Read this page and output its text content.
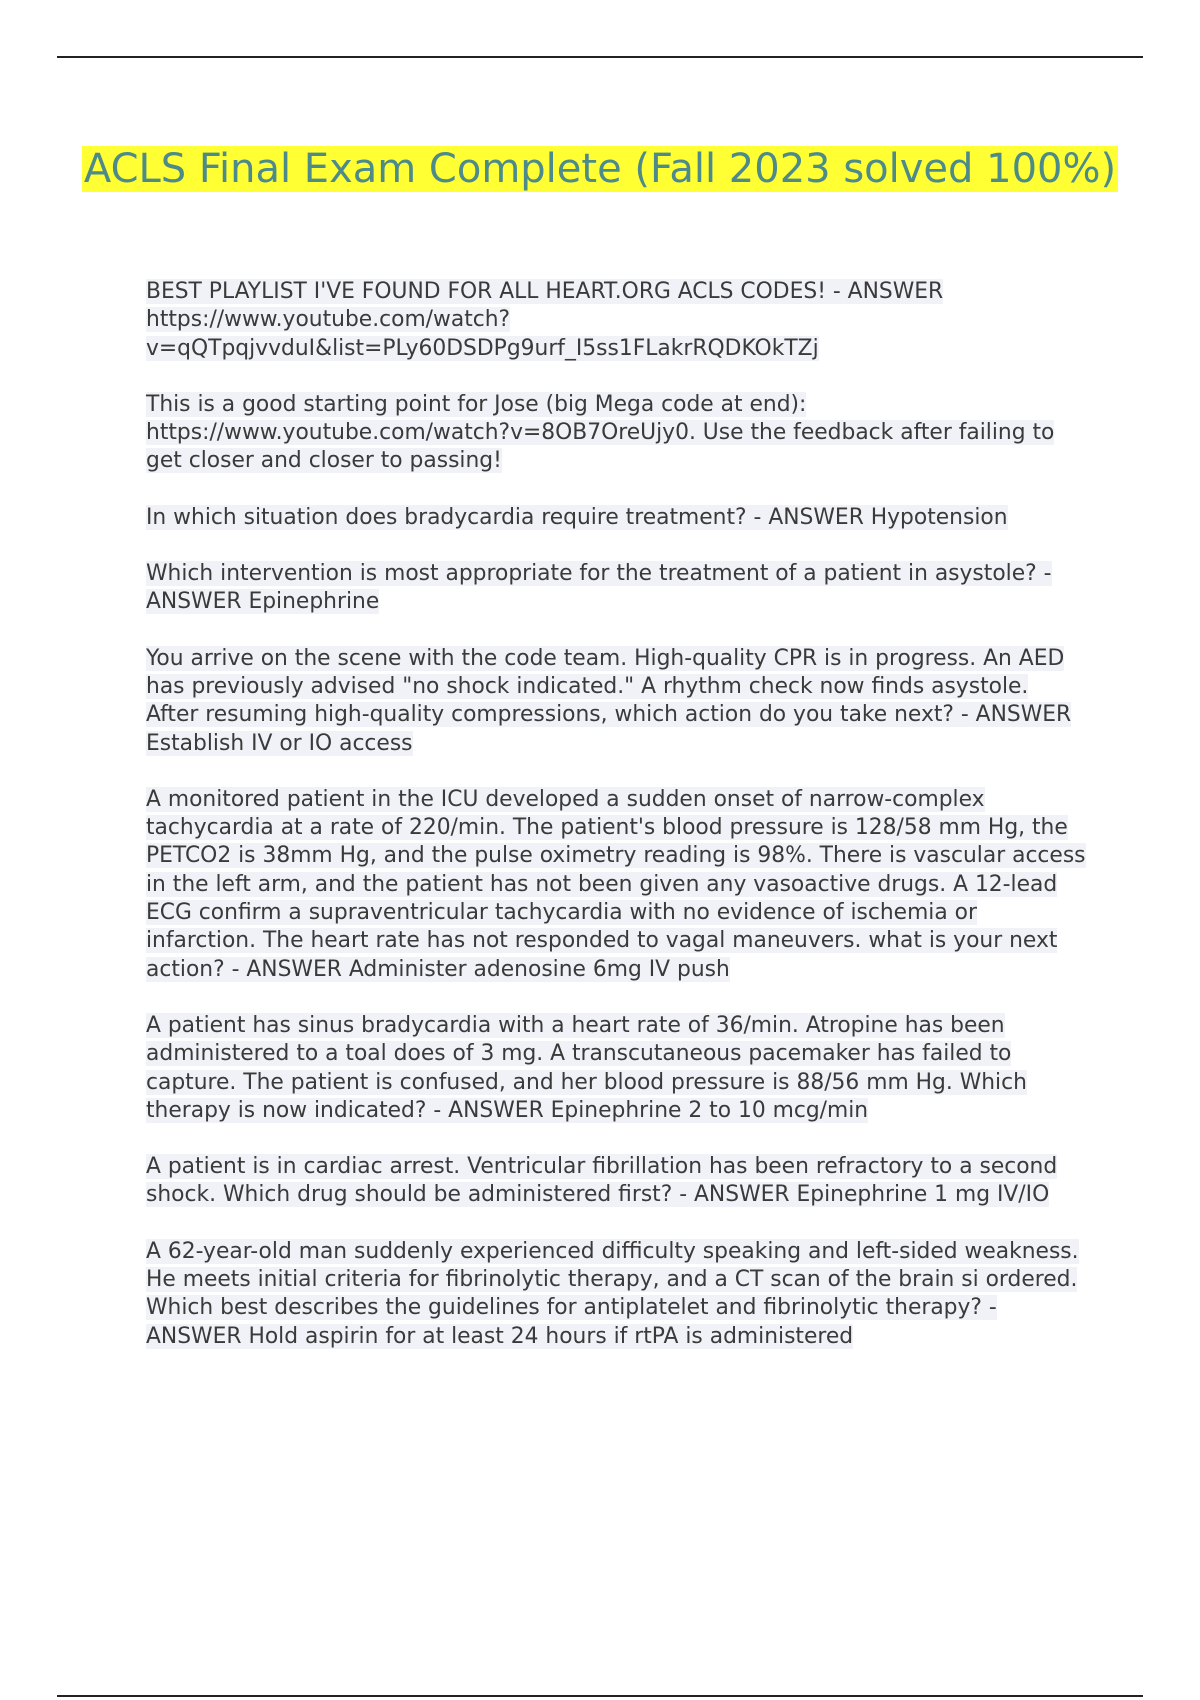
ACLS Final Exam Complete (Fall 2023 solved 100%)

BEST PLAYLIST I'VE FOUND FOR ALL HEART.ORG ACLS CODES! - ANSWER https://www.youtube.com/watch?v=qQTpqjvvduI&list=PLy60DSDPg9urf_I5ss1FLakrRQDKOkTZj

This is a good starting point for Jose (big Mega code at end): https://www.youtube.com/watch?v=8OB7OreUjy0. Use the feedback after failing to get closer and closer to passing!

In which situation does bradycardia require treatment? - ANSWER Hypotension

Which intervention is most appropriate for the treatment of a patient in asystole? - ANSWER Epinephrine

You arrive on the scene with the code team. High-quality CPR is in progress. An AED has previously advised "no shock indicated." A rhythm check now finds asystole. After resuming high-quality compressions, which action do you take next? - ANSWER Establish IV or IO access

A monitored patient in the ICU developed a sudden onset of narrow-complex tachycardia at a rate of 220/min. The patient's blood pressure is 128/58 mm Hg, the PETCO2 is 38mm Hg, and the pulse oximetry reading is 98%. There is vascular access in the left arm, and the patient has not been given any vasoactive drugs. A 12-lead ECG confirm a supraventricular tachycardia with no evidence of ischemia or infarction. The heart rate has not responded to vagal maneuvers. what is your next action? - ANSWER Administer adenosine 6mg IV push

A patient has sinus bradycardia with a heart rate of 36/min. Atropine has been administered to a toal does of 3 mg. A transcutaneous pacemaker has failed to capture. The patient is confused, and her blood pressure is 88/56 mm Hg. Which therapy is now indicated? - ANSWER Epinephrine 2 to 10 mcg/min

A patient is in cardiac arrest. Ventricular fibrillation has been refractory to a second shock. Which drug should be administered first? - ANSWER Epinephrine 1 mg IV/IO

A 62-year-old man suddenly experienced difficulty speaking and left-sided weakness. He meets initial criteria for fibrinolytic therapy, and a CT scan of the brain si ordered. Which best describes the guidelines for antiplatelet and fibrinolytic therapy? - ANSWER Hold aspirin for at least 24 hours if rtPA is administered
